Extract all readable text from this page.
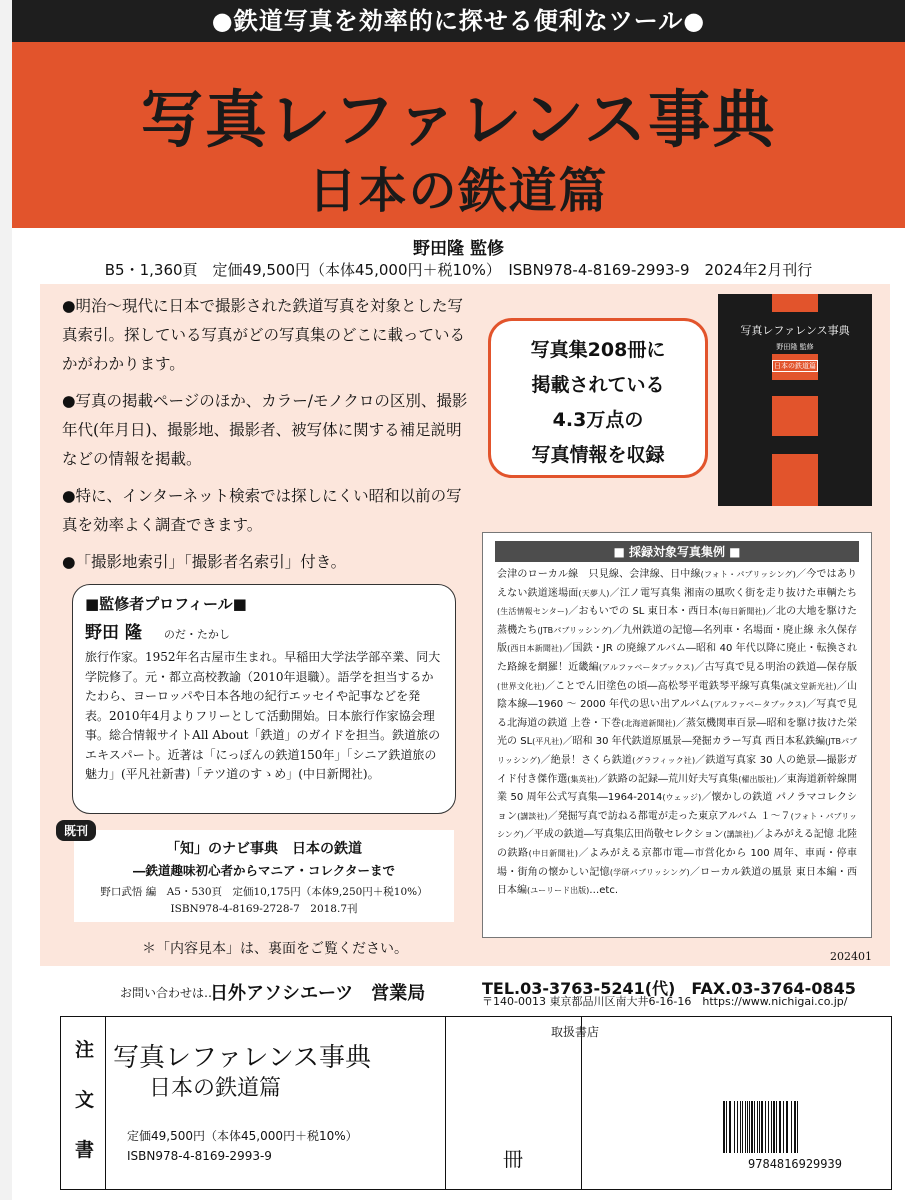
●鉄道写真を効率的に探せる便利なツール●
写真レファレンス事典
日本の鉄道篇
野田隆 監修
B5・1,360頁　定価49,500円（本体45,000円＋税10%）　ISBN978-4-8169-2993-9　2024年2月刊行
●明治〜現代に日本で撮影された鉄道写真を対象とした写真索引。探している写真がどの写真集のどこに載っているかがわかります。
●写真の掲載ページのほか、カラー/モノクロの区別、撮影年代(年月日)、撮影地、撮影者、被写体に関する補足説明などの情報を掲載。
●特に、インターネット検索では探しにくい昭和以前の写真を効率よく調査できます。
●「撮影地索引」「撮影者名索引」付き。
写真集208冊に
掲載されている
4.3万点の
写真情報を収録
写真レファレンス事典
野田隆 監修
日本の鉄道篇
■監修者プロフィール■
野田 隆 のだ・たかし
旅行作家。1952年名古屋市生まれ。早稲田大学法学部卒業、同大学院修了。元・都立高校教諭（2010年退職）。語学を担当するかたわら、ヨーロッパや日本各地の紀行エッセイや記事などを発表。2010年4月よりフリーとして活動開始。日本旅行作家協会理事。総合情報サイトAll About「鉄道」のガイドを担当。鉄道旅のエキスパート。近著は「にっぽんの鉄道150年」「シニア鉄道旅の魅力」(平凡社新書)「テツ道のすゝめ」(中日新聞社)。
「知」のナビ事典　日本の鉄道
―鉄道趣味初心者からマニア・コレクターまで
野口武悟 編　A5・530頁　定価10,175円（本体9,250円＋税10%）
ISBN978-4-8169-2728-7　2018.7刊
既刊
＊「内容見本」は、裏面をご覧ください。
■ 採録対象写真集例 ■
会津のローカル線　只見線、会津線、日中線(フォト・パブリッシング)／今ではありえない鉄道迷場面(天夢人)／江ノ電写真集 湘南の風吹く街を走り抜けた車輌たち(生活情報センター)／おもいでの SL 東日本・西日本(毎日新聞社)／北の大地を駆けた蒸機たち(JTBパブリッシング)／九州鉄道の記憶―名列車・名場面・廃止線 永久保存版(西日本新聞社)／国鉄・JR の廃線アルバム―昭和 40 年代以降に廃止・転換された路線を網羅！近畿編(アルファベータブックス)／古写真で見る明治の鉄道―保存版(世界文化社)／ことでん旧塗色の頃―高松琴平電鉄琴平線写真集(誠文堂新光社)／山陰本線―1960 ～ 2000 年代の思い出アルバム(アルファベータブックス)／写真で見る北海道の鉄道 上巻・下巻(北海道新聞社)／蒸気機関車百景―昭和を駆け抜けた栄光の SL(平凡社)／昭和 30 年代鉄道原風景―発掘カラー写真 西日本私鉄編(JTBパブリッシング)／絶景！さくら鉄道(グラフィック社)／鉄道写真家 30 人の絶景―撮影ガイド付き傑作選(集英社)／鉄路の記録―荒川好夫写真集(櫂出版社)／東海道新幹線開業 50 周年公式写真集―1964-2014(ウェッジ)／懐かしの鉄道 パノラマコレクション(講談社)／発掘写真で訪ねる都電が走った東京アルバム １～７(フォト・パブリッシング)／平成の鉄道―写真集広田尚敬セレクション(講談社)／よみがえる記憶 北陸の鉄路(中日新聞社)／よみがえる京都市電―市営化から 100 周年、車両・停車場・街角の懐かしい記憶(学研パブリッシング)／ローカル鉄道の風景 東日本編・西日本編(ユーリード出版)…etc.
202401
お問い合わせは…
日外アソシエーツ　営業局	TEL.03-3763-5241(代)　FAX.03-3764-0845
〒140-0013 東京都品川区南大井6-16-16　https://www.nichigai.co.jp/
注
文
書
写真レファレンス事典
日本の鉄道篇
定価49,500円（本体45,000円＋税10%）
ISBN978-4-8169-2993-9	冊
取扱書店
9784816929939
